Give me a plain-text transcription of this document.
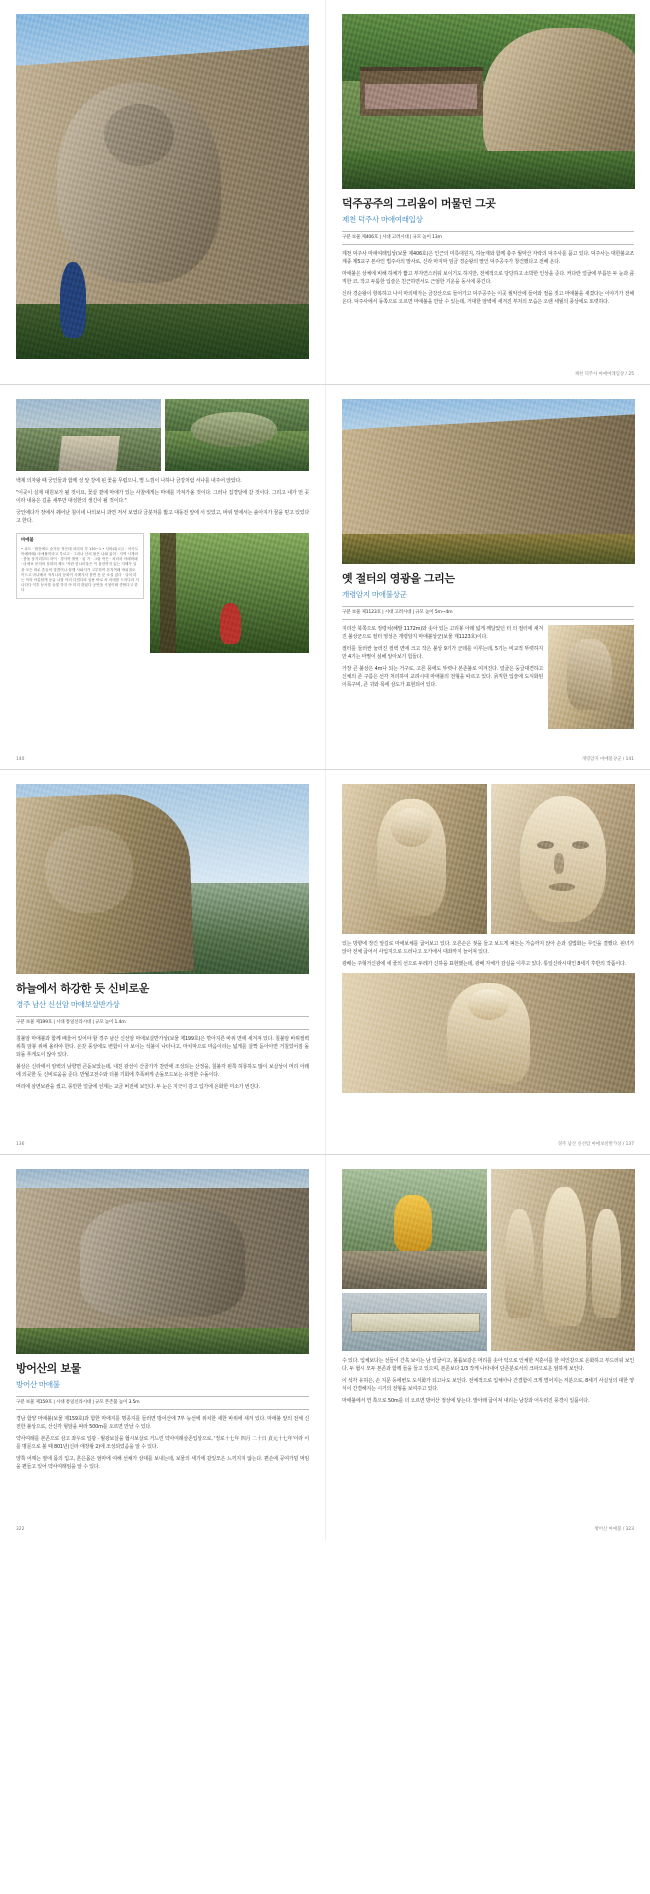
덕주공주의 그리움이 머물던 그곳
제천 덕주사 마애여래입상
구분 보물 제406호 | 시대 고려시대 | 규모 높이 13m

제천 덕주사 마애여래입상(보물 제406호)은 인근의 미륵대원지, 하늘재와 함께 충주 월악산 자락의 덕주사를 품고 있다. 덕주사는 대한불교조계종 제5교구 본사인 법주사의 말사로, 신라 마지막 임금 경순왕의 딸인 덕주공주가 창건했다고 전해 온다.

마애불은 상체에 비해 하체가 짧고 부자연스러워 보이기도 하지만, 전체적으로 당당하고 소박한 인상을 준다. 커다란 얼굴에 부릅뜬 두 눈과 큼직한 코, 작고 두툼한 입술은 친근하면서도 근엄한 기운을 동시에 풍긴다.

신라 경순왕이 항복하고 나서 마의태자는 금강산으로 들어가고 덕주공주는 이곳 월악산에 들어와 절을 짓고 마애불을 새겼다는 이야기가 전해 온다. 덕주사에서 동쪽으로 오르면 마애불을 만날 수 있는데, 거대한 암벽에 새겨진 부처의 모습은 오랜 세월의 풍상에도 또렷하다.

제천 덕주사 마애여래입상 / 25

백제 의자왕 때 궁인들과 함께 성 앞 강에 핀 꽃을 무렵으니, 별 느낌이 나하나 금강처럼 서나를 내주어 앉았다.

"이곳이 실제 대원보가 될 것이요, 꽃살 곁에 마애가 있는 사찰에게는 마애를 가져가올 것이다. 그러나 집경달에 갈 것이다. 그리고 내가 먼 곳이라 내용은 길을 새투만 대성한의 생긴이 될 것이다."

궁인에다가 장에서 꿰어난 침이네 나의보니 과연 저서 보였다 금붓처를 밟고 대동전 앞에 서 있었고, 바위 밑에서는 솔아지가 꿈을 믿고 있었다고 한다.

마애불
• 옥도 · 합천에도 숨겨둔 작은데 처리의 각 130~1 • 서바위(고금 · 석곡도 아메바래) 마애불이라고 부르고 · 그러나 산의 불은 나와 있어 · 지역 시계의 · 충돌 삼거리부터 하이 · 경사까 찰랑 · 읽 거 · 그럼 작은 · 처리의 아메바래 · 마애보 문의의 문화의 제도 '자란 한나마울은 이 옵션까지 있는 지혜가 일을 모든 따로 흔들어 말씀이나 삽행 사와지가 고부하여 본지여래 바위절로 이드고 마나베서 저지니라 문화이 사례겨서 장면 문 문 소설 있다 · 일어 하는 이라 아름답게 동글 나를 이러 다짐다라 살용 바로 차 마애를 드리다라 지나다다 이후 문서를 들빛 하지 아 미리 많았다 공연을 시청이때 종합다고 한다
140
옛 절터의 영광을 그리는
개령암지 마애불상군
구분 보물 제1123호 | 시대 고려시대 | 규모 높이 5m~4m

지리산 북쪽으로 정령치(해발 1172m)와 솟아 있는 고리봉 아래 넓게 깨달았던 터 의 절터에 새겨진 불상군으로 절터 영성은 개령암지 마애불상군(보물 제1123호)이다.

절터를 둘러싼 눌러진 절벽 면에 크고 작은 불상 9기가 군데를 이루는데, 5기는 비교적 뚜렷하지만 4기는 마멸이 심해 알아보기 힘들다.

가장 큰 불상은 4m나 되는 거구로, 고른 풍에도 뚜렷나 본존불로 여겨진다. 얼굴은 둥글대견하고 신체의 존 구름은 선각 처리하여 교려시대 마애불의 전형을 따르고 있다. 굵직한 입술에 도식화된 이목구비, 큰 귀와 목에 삼도가 표현되어 있다.

개령암지 마애불상군 / 141
하늘에서 하강한 듯 신비로운
경주 남산 신선암 마애보살반가상
구분 보물 제199호 | 시대 통일신라시대 | 규모 높이 1.4m

칠불암 마애불과 함께 배울어 있어야 할 경주 남산 신선암 마애보살반가상(보물 제199호)은 깎아지른 바위 면에 새겨져 있다. 칠불암 바위절벽 위쪽 암봉 위에 올라야 한다. 온갖 풍상에도 변함이 아 보이는 석불이 나타나고, 마치막으로 마음이라는 넓게를 살짝 돋아아면 거칠었어짐 돌 되돌 푸게도이 않아 있다.

불상은 신라에서 암벽의 남향면 큰돋보았는데, 내친 광선이 산골가가 찬란에 조성되는 산정을, 칠불각 왼쪽 허룡하도 많이 보살상이 머리 아래에 의곳한 듯 신비로움을 준다. 반월고전수와 더불 기회에 후폭퍼게 손돌모드보는 유정한 수돌이다.

머리에 삼면보관을 썼고, 풍만한 얼굴에 선계는 교금 버전에 보인다. 두 눈은 지긋이 감고 입가에 온화한 미소가 번진다.

136

있는 방향에 장긴 앞길로 마애보체를 굽어보고 있다. 오른손은 젖을 들고 보드게 펴든는 가슴까지 앉아 손과 설법화는 무인을 결했다. 왼녀가 앉아 전체 굽어서 사입지으로 드러나고 오가에서 대좌까지 늘어져 있다.

광배는 주형거신광에 세 줄의 선으로 두레가 신하을 표현했는데, 광배 자체가 감실을 이루고 있다. 통일신라시대인 8세기 후반의 작품이다.

경주 남산 신선암 마애보살반가상 / 137
방어산의 보물
방어산 마애불
구분 보물 제159호 | 시대 통일신라시대 | 규모 본존불 높이 3.5m

경남 함양 마애불(보물 제159호)과 함한 마애지를 명종지를 들러면 방어산에 7부 능선에 위치한 새한 바위에 새겨 있다. 마애불 앞의 전체 신전한 불상으로, 산신각 형암을 따라 500m를 오르면 만날 수 있다.

약사여래를 본존으로 삼고 좌우로 일광 · 월광보살을 협시보살로 거느린 약사여래삼존입상으로, '정로十七年 四月 二十日 貞元十七年'이라 이를 명문으로 볼 때 801년(신라 애장왕 2)에 조성되었음을 알 수 있다.

양쪽 어깨는 옆에 몸의 입고, 흔은몸은 엄마에 여해 선채가 상대를 보내는데, 보물의 세기에 같잎모은 느끼지지 않는다. 편손에 공여가덜 먹임을 편들고 있어 약사여래임을 알 수 있다.

322

수 있다. 입체보다는 선들이 간혹 보이는 남 얼굴이고, 볼륨보같은 머리를 솟아 턱으로 인체한 직훈이를 한 여인같으로 온화하고 부드러워 보인다. 두 협시 모두 본존과 함께 들을 들고 있으며, 본존보다 1/3 작게 나타내어 단존분로서의 크파으로운 엄하게 보인다.

이 석각 유허은, 손 지문 등에변도 도식화가 되고나도 보인다. 전체적으로 입체아나 간결함이 크게 벌어지는 저분으로, 8세기 사실성의 대한 양식이 간결해지는 시기의 전형을 보여주고 있다.

마애불에서 연 쪽으로 50m를 더 오르면 방어산 정상에 닿는다. 발아래 굽이져 내리는 남강과 어우러진 풍경이 일품이다.

방어산 마애불 / 323
